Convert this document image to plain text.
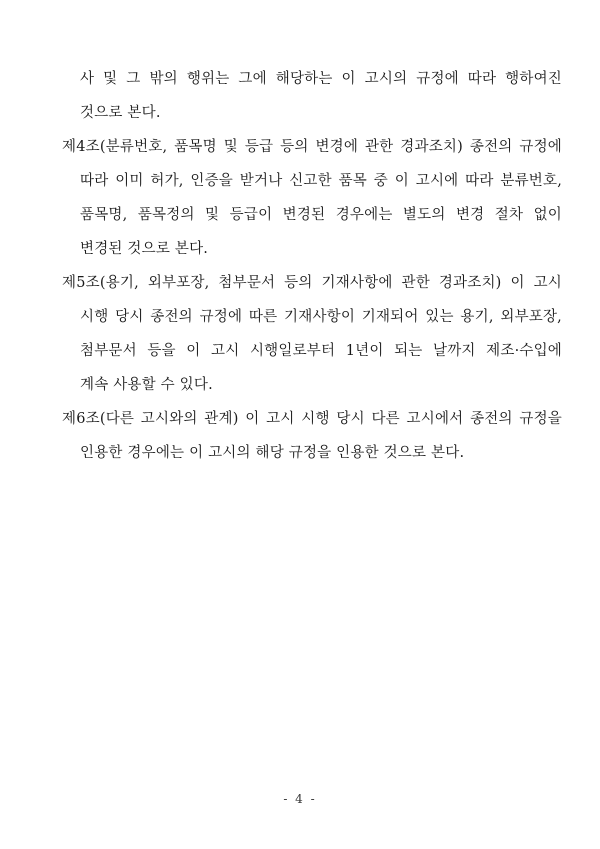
사 및 그 밖의 행위는 그에 해당하는 이 고시의 규정에 따라 행하여진
것으로 본다.
제4조(분류번호, 품목명 및 등급 등의 변경에 관한 경과조치) 종전의 규정에
따라 이미 허가, 인증을 받거나 신고한 품목 중 이 고시에 따라 분류번호,
품목명, 품목정의 및 등급이 변경된 경우에는 별도의 변경 절차 없이
변경된 것으로 본다.
제5조(용기, 외부포장, 첨부문서 등의 기재사항에 관한 경과조치) 이 고시
시행 당시 종전의 규정에 따른 기재사항이 기재되어 있는 용기, 외부포장,
첨부문서 등을 이 고시 시행일로부터 1년이 되는 날까지 제조·수입에
계속 사용할 수 있다.
제6조(다른 고시와의 관계) 이 고시 시행 당시 다른 고시에서 종전의 규정을
인용한 경우에는 이 고시의 해당 규정을 인용한 것으로 본다.
- 4 -
